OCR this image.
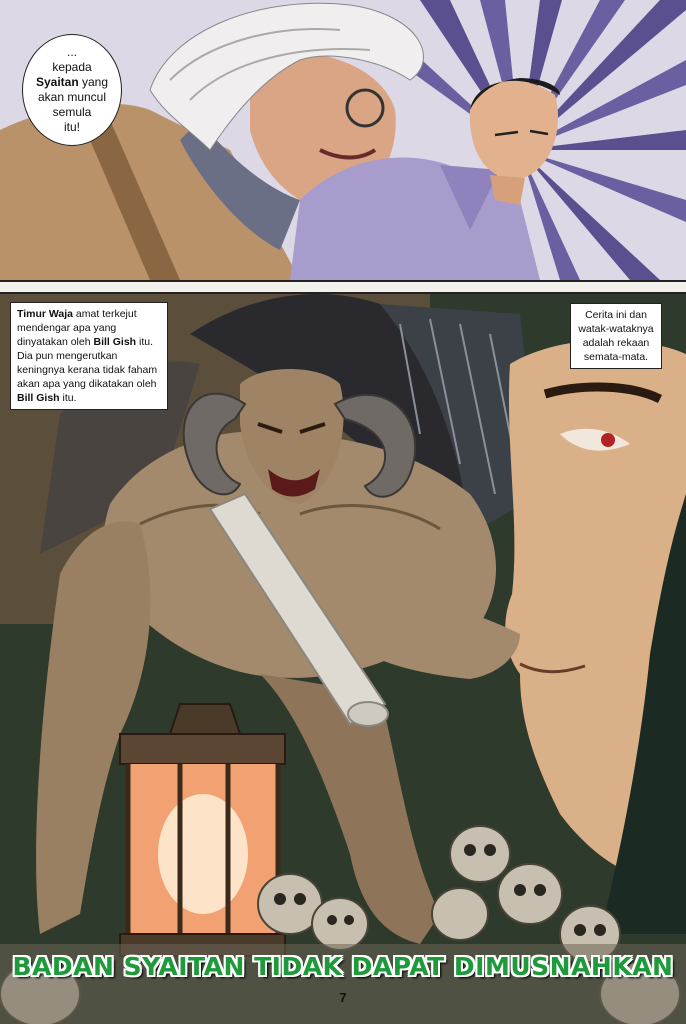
...
kepada
Syaitan yang
akan muncul
semula
itu!
Timur Waja amat terkejut mendengar apa yang dinyatakan oleh Bill Gish itu. Dia pun mengerutkan keningnya kerana tidak faham akan apa yang dikatakan oleh Bill Gish itu.
Cerita ini dan watak-wataknya adalah rekaan semata-mata.
BADAN SYAITAN TIDAK DAPAT DIMUSNAHKAN
7
